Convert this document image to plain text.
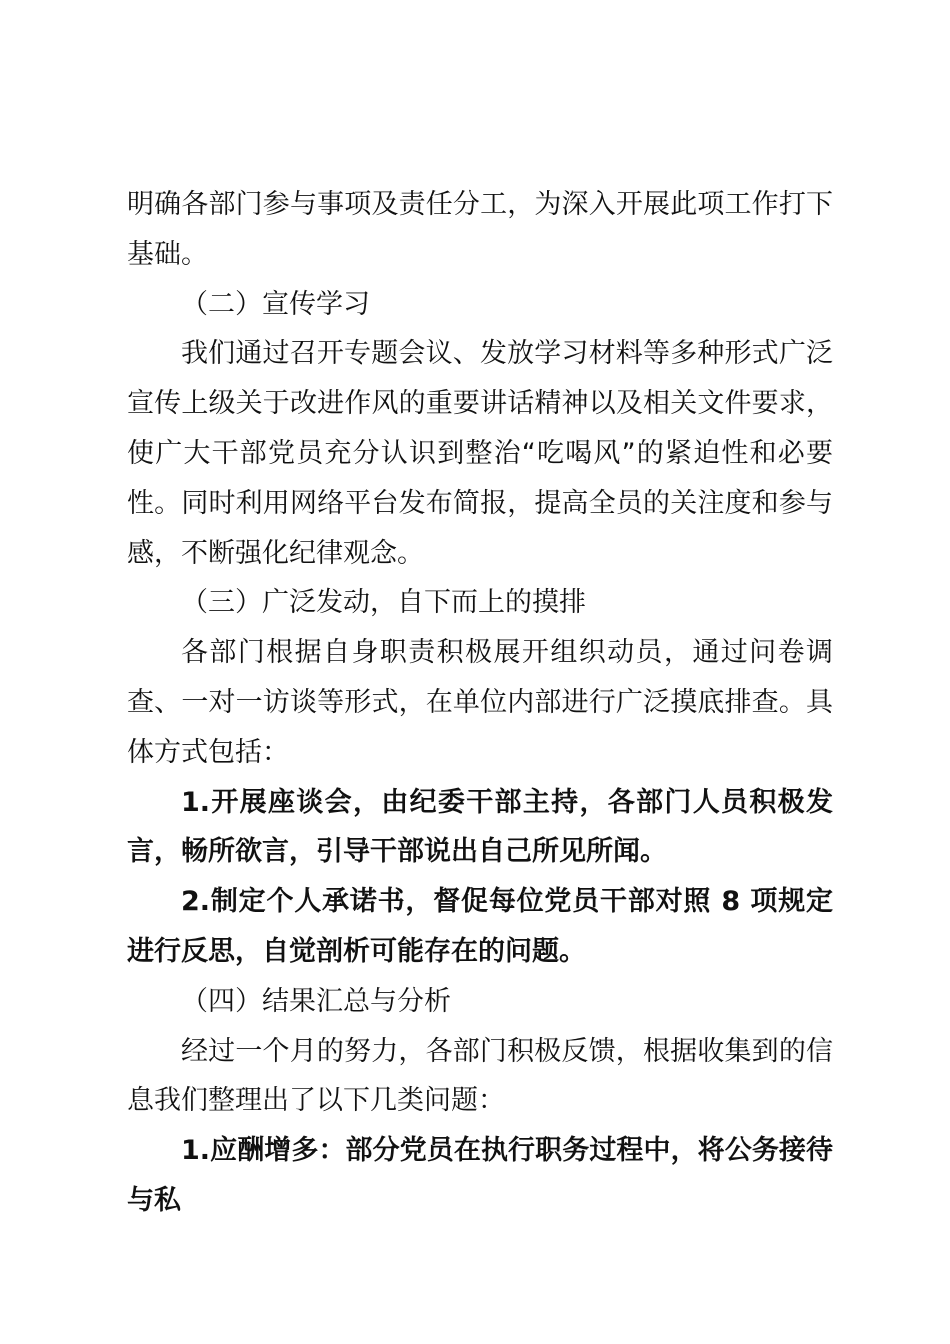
明确各部门参与事项及责任分工，为深入开展此项工作打下基础。

（二）宣传学习

我们通过召开专题会议、发放学习材料等多种形式广泛宣传上级关于改进作风的重要讲话精神以及相关文件要求，使广大干部党员充分认识到整治“吃喝风”的紧迫性和必要性。同时利用网络平台发布简报，提高全员的关注度和参与感，不断强化纪律观念。

（三）广泛发动，自下而上的摸排

各部门根据自身职责积极展开组织动员，通过问卷调查、一对一访谈等形式，在单位内部进行广泛摸底排查。具体方式包括：

1.开展座谈会，由纪委干部主持，各部门人员积极发言，畅所欲言，引导干部说出自己所见所闻。

2.制定个人承诺书，督促每位党员干部对照 8 项规定进行反思，自觉剖析可能存在的问题。

（四）结果汇总与分析

经过一个月的努力，各部门积极反馈，根据收集到的信息我们整理出了以下几类问题：

1.应酬增多：部分党员在执行职务过程中，将公务接待与私
